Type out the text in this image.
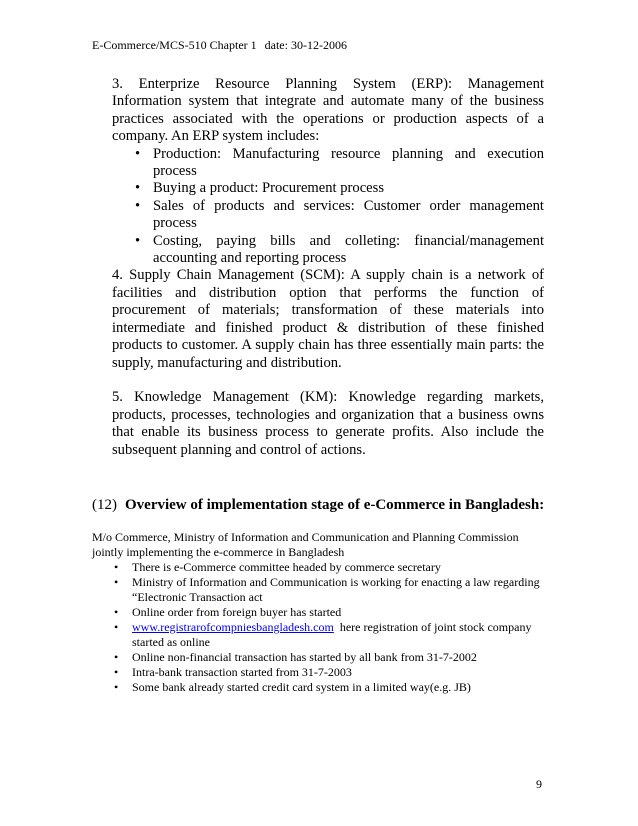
E-Commerce/MCS-510 Chapter 1 date: 30-12-2006

3. Enterprize Resource Planning System (ERP): Management Information system that integrate and automate many of the business practices associated with the operations or production aspects of a company. An ERP system includes:

• Production: Manufacturing resource planning and execution process
• Buying a product: Procurement process
• Sales of products and services: Customer order management process
• Costing, paying bills and colleting: financial/management accounting and reporting process

4. Supply Chain Management (SCM): A supply chain is a network of facilities and distribution option that performs the function of procurement of materials; transformation of these materials into intermediate and finished product & distribution of these finished products to customer. A supply chain has three essentially main parts: the supply, manufacturing and distribution.

5. Knowledge Management (KM): Knowledge regarding markets, products, processes, technologies and organization that a business owns that enable its business process to generate profits. Also include the subsequent planning and control of actions.

(12) Overview of implementation stage of e-Commerce in Bangladesh:

M/o Commerce, Ministry of Information and Communication and Planning Commission jointly implementing the e-commerce in Bangladesh

• There is e-Commerce committee headed by commerce secretary
• Ministry of Information and Communication is working for enacting a law regarding “Electronic Transaction act
• Online order from foreign buyer has started
• www.registrarofcompniesbangladesh.com here registration of joint stock company started as online
• Online non-financial transaction has started by all bank from 31-7-2002
• Intra-bank transaction started from 31-7-2003
• Some bank already started credit card system in a limited way(e.g. JB)
9
